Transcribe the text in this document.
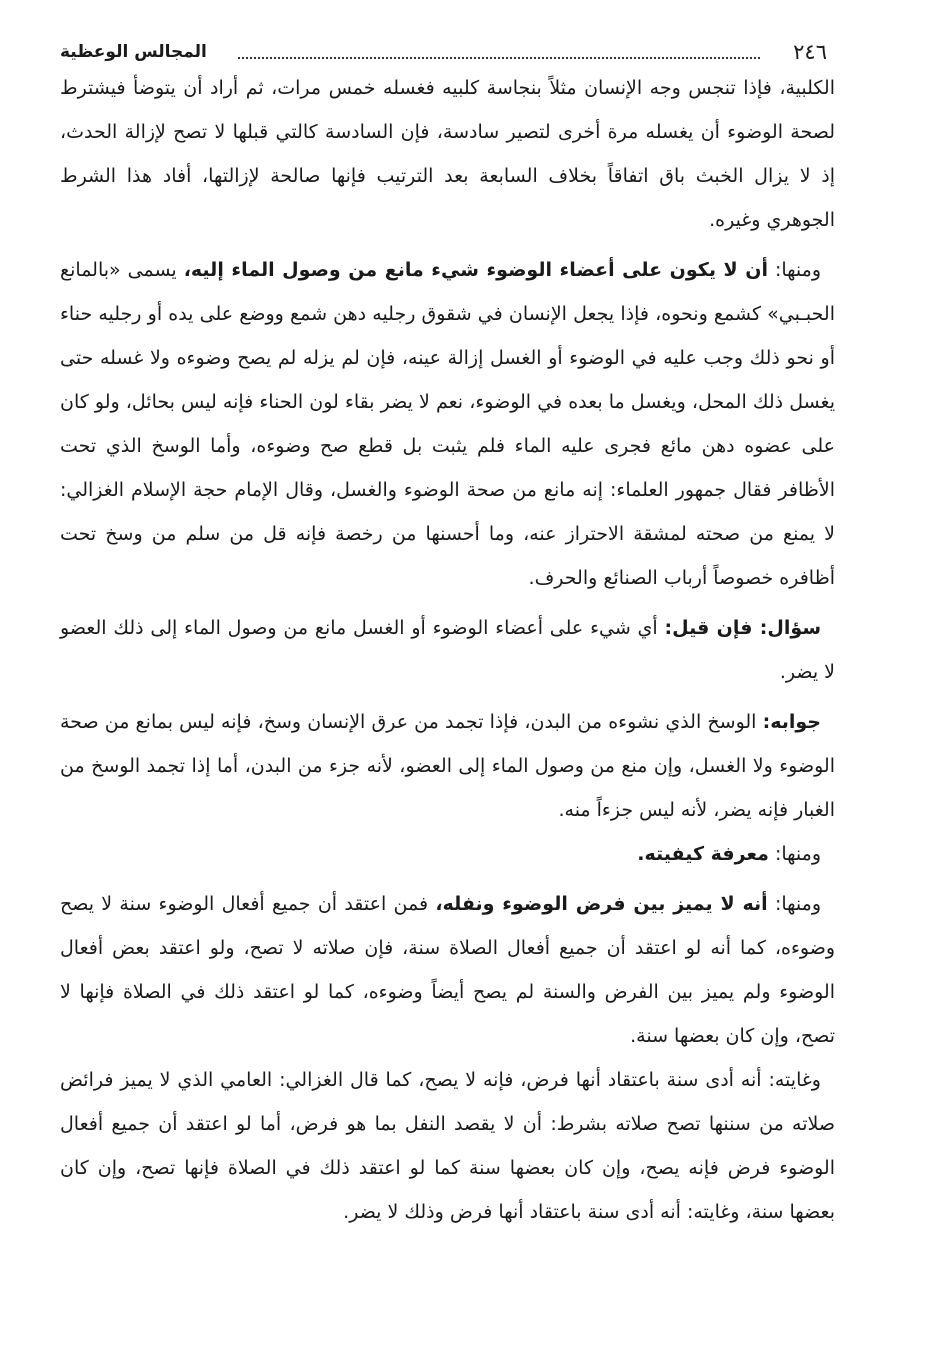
٢٤٦
المجالس الوعظية

الكلبية، فإذا تنجس وجه الإنسان مثلاً بنجاسة كلبيه فغسله خمس مرات، ثم أراد أن يتوضأ فيشترط لصحة الوضوء أن يغسله مرة أخرى لتصير سادسة، فإن السادسة كالتي قبلها لا تصح لإزالة الحدث، إذ لا يزال الخبث باق اتفاقاً بخلاف السابعة بعد الترتيب فإنها صالحة لإزالتها، أفاد هذا الشرط الجوهري وغيره.

ومنها: أن لا يكون على أعضاء الوضوء شيء مانع من وصول الماء إليه، يسمى «بالمانع الحبـبي» كشمع ونحوه، فإذا يجعل الإنسان في شقوق رجليه دهن شمع ووضع على يده أو رجليه حناء أو نحو ذلك وجب عليه في الوضوء أو الغسل إزالة عينه، فإن لم يزله لم يصح وضوءه ولا غسله حتى يغسل ذلك المحل، ويغسل ما بعده في الوضوء، نعم لا يضر بقاء لون الحناء فإنه ليس بحائل، ولو كان على عضوه دهن مائع فجرى عليه الماء فلم يثبت بل قطع صح وضوءه، وأما الوسخ الذي تحت الأظافر فقال جمهور العلماء: إنه مانع من صحة الوضوء والغسل، وقال الإمام حجة الإسلام الغزالي: لا يمنع من صحته لمشقة الاحتراز عنه، وما أحسنها من رخصة فإنه قل من سلم من وسخ تحت أظافره خصوصاً أرباب الصنائع والحرف.

سؤال: فإن قيل: أي شيء على أعضاء الوضوء أو الغسل مانع من وصول الماء إلى ذلك العضو لا يضر.

جوابه: الوسخ الذي نشوءه من البدن، فإذا تجمد من عرق الإنسان وسخ، فإنه ليس بمانع من صحة الوضوء ولا الغسل، وإن منع من وصول الماء إلى العضو، لأنه جزء من البدن، أما إذا تجمد الوسخ من الغبار فإنه يضر، لأنه ليس جزءاً منه.

ومنها: معرفة كيفيته.

ومنها: أنه لا يميز بين فرض الوضوء ونفله، فمن اعتقد أن جميع أفعال الوضوء سنة لا يصح وضوءه، كما أنه لو اعتقد أن جميع أفعال الصلاة سنة، فإن صلاته لا تصح، ولو اعتقد بعض أفعال الوضوء ولم يميز بين الفرض والسنة لم يصح أيضاً وضوءه، كما لو اعتقد ذلك في الصلاة فإنها لا تصح، وإن كان بعضها سنة.

وغايته: أنه أدى سنة باعتقاد أنها فرض، فإنه لا يصح، كما قال الغزالي: العامي الذي لا يميز فرائض صلاته من سننها تصح صلاته بشرط: أن لا يقصد النفل بما هو فرض، أما لو اعتقد أن جميع أفعال الوضوء فرض فإنه يصح، وإن كان بعضها سنة كما لو اعتقد ذلك في الصلاة فإنها تصح، وإن كان بعضها سنة، وغايته: أنه أدى سنة باعتقاد أنها فرض وذلك لا يضر.
